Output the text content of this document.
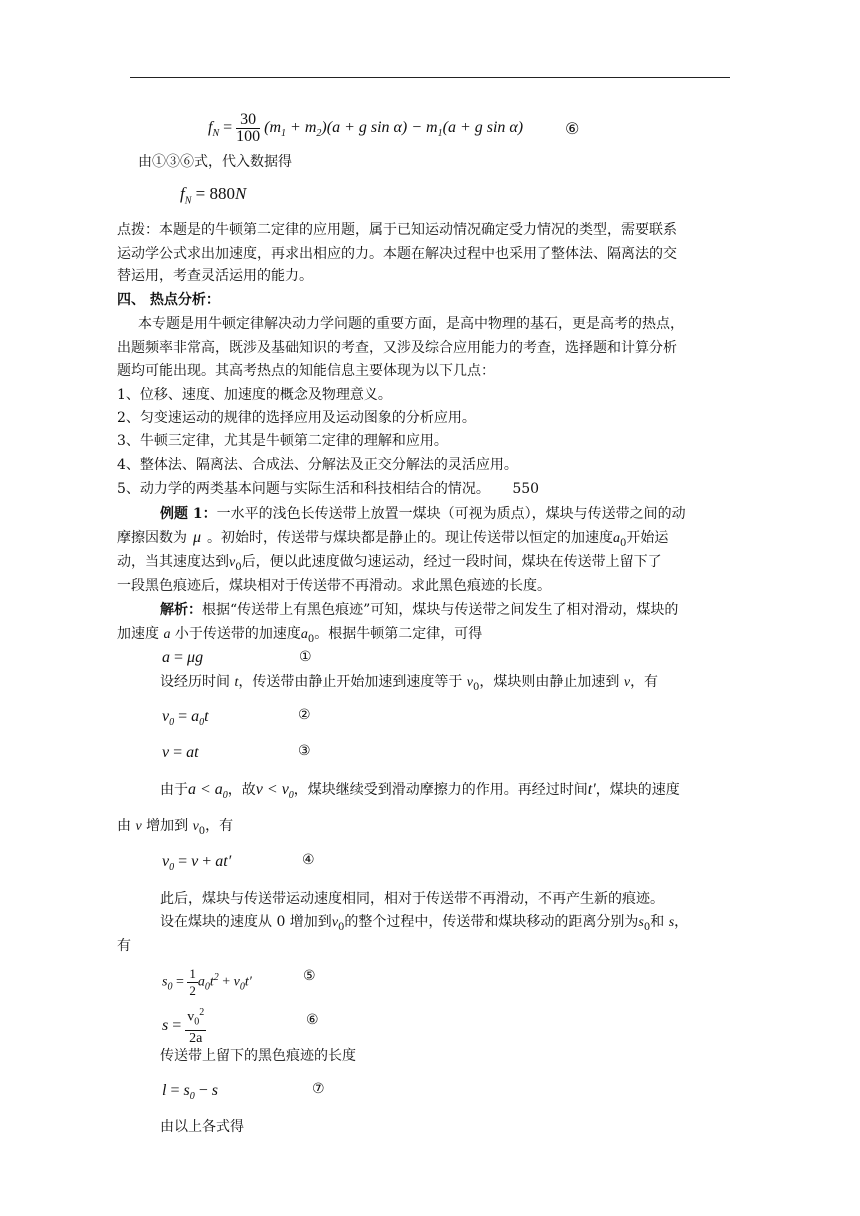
$f_N = \frac{30}{100} (m_1 + m_2)(a + g$ $\sin \alpha) - m_1(a + g$ sin α)	⑥
由①③⑥式，代入数据得
$f_N = 880N$
点拨：本题是的牛顿第二定律的应用题，属于已知运动情况确定受力情况的类型，需要联系
运动学公式求出加速度，再求出相应的力。本题在解决过程中也采用了整体法、隔离法的交
替运用，考查灵活运用的能力。
四、 热点分析：
本专题是用牛顿定律解决动力学问题的重要方面，是高中物理的基石，更是高考的热点，
出题频率非常高，既涉及基础知识的考查，又涉及综合应用能力的考查，选择题和计算分析
题均可能出现。其高考热点的知能信息主要体现为以下几点：
1、位移、速度、加速度的概念及物理意义。
2、匀变速运动的规律的选择应用及运动图象的分析应用。
3、牛顿三定律，尤其是牛顿第二定律的理解和应用。
4、整体法、隔离法、合成法、分解法及正交分解法的灵活应用。
5、动力学的两类基本问题与实际生活和科技相结合的情况。 550
例题 1：一水平的浅色长传送带上放置一煤块（可视为质点），煤块与传送带之间的动
摩擦因数为 μ 。初始时，传送带与煤块都是静止的。现让传送带以恒定的加速度$a_0$开始运
动，当其速度达到$v_0$后，便以此速度做匀速运动，经过一段时间，煤块在传送带上留下了
一段黑色痕迹后，煤块相对于传送带不再滑动。求此黑色痕迹的长度。
解析：根据“传送带上有黑色痕迹”可知，煤块与传送带之间发生了相对滑动，煤块的
加速度 a 小于传送带的加速度$a_0$。根据牛顿第二定律，可得
a = μg	①
设经历时间 t，传送带由静止开始加速到速度等于 $v_0$，煤块则由静止加速到 v，有
$v_0 = a_0t$	②
v = at	③
由于$a < a_0$，故$v < v_0$，煤块继续受到滑动摩擦力的作用。再经过时间t′，煤块的速度
由 v 增加到 $v_0$，有
$v_0 = v + at'$	④
此后，煤块与传送带运动速度相同，相对于传送带不再滑动，不再产生新的痕迹。
设在煤块的速度从 0 增加到$v_0$的整个过程中，传送带和煤块移动的距离分别为$s_0$和 s，
有
$s_0 = \frac{1}{2} a_0t^2 + v_0t'$	⑤
$s = \frac{v_0^2}{2a}$	⑥
传送带上留下的黑色痕迹的长度
$l = s_0 - s$	⑦
由以上各式得
